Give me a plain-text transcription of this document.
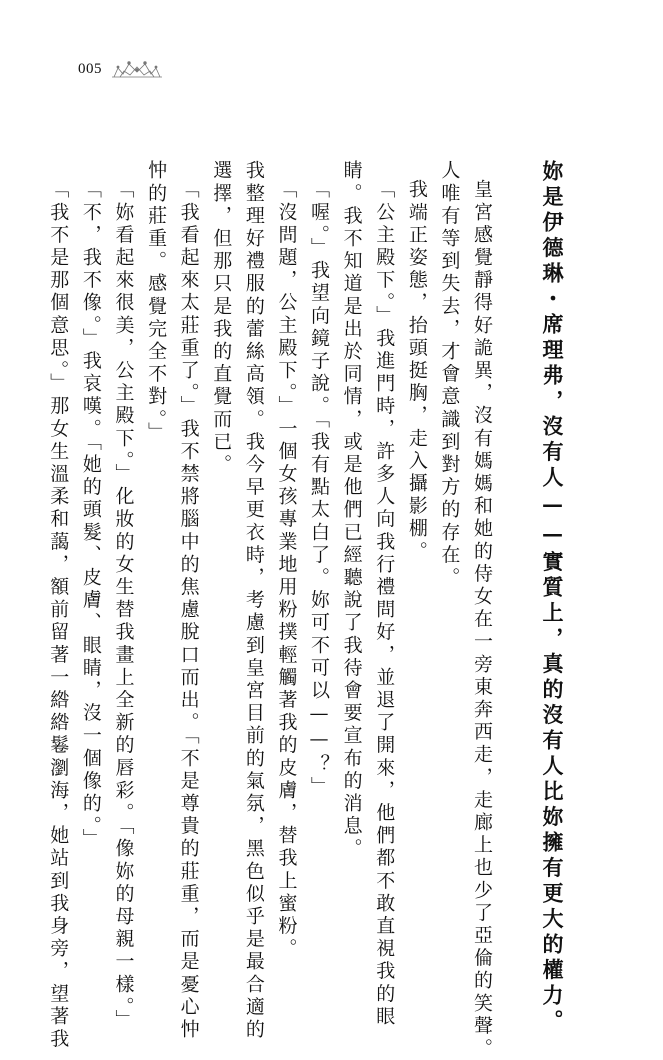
005
妳是伊德琳・席理弗，沒有人——實質上，真的沒有人比妳擁有更大的權力。
皇宮感覺靜得好詭異，沒有媽媽和她的侍女在一旁東奔西走，走廊上也少了亞倫的笑聲。
人唯有等到失去，才會意識到對方的存在。
我端正姿態，抬頭挺胸，走入攝影棚。
「公主殿下。」我進門時，許多人向我行禮問好，並退了開來，他們都不敢直視我的眼
睛。我不知道是出於同情，或是他們已經聽說了我待會要宣布的消息。
「喔。」我望向鏡子說。「我有點太白了。妳可不可以——？」
「沒問題，公主殿下。」一個女孩專業地用粉撲輕觸著我的皮膚，替我上蜜粉。
我整理好禮服的蕾絲高領。我今早更衣時，考慮到皇宮目前的氣氛，黑色似乎是最合適的
選擇，但那只是我的直覺而已。
「我看起來太莊重了。」我不禁將腦中的焦慮脫口而出。「不是尊貴的莊重，而是憂心忡
忡的莊重。感覺完全不對。」
「妳看起來很美，公主殿下。」化妝的女生替我畫上全新的唇彩。「像妳的母親一樣。」
「不，我不像。」我哀嘆。「她的頭髮、皮膚、眼睛，沒一個像的。」
「我不是那個意思。」那女生溫柔和藹，額前留著一綹綹鬈瀏海，她站到我身旁，望著我
